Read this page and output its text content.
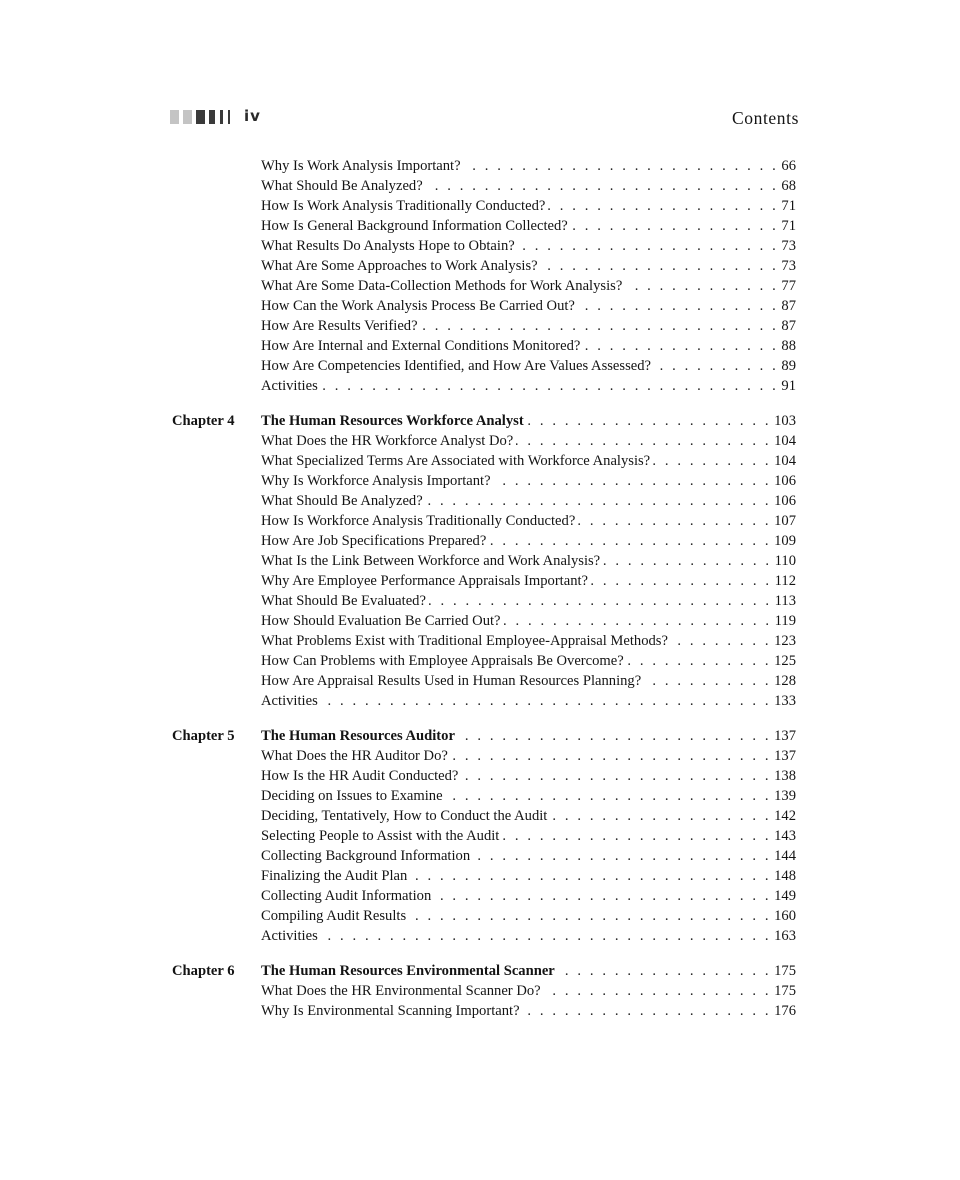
iv	Contents
Why Is Work Analysis Important? . . .	66
What Should Be Analyzed? . . .	68
How Is Work Analysis Traditionally Conducted? . . .	71
How Is General Background Information Collected? . . .	71
What Results Do Analysts Hope to Obtain? . . .	73
What Are Some Approaches to Work Analysis? . . .	73
What Are Some Data-Collection Methods for Work Analysis? . . .	77
How Can the Work Analysis Process Be Carried Out? . . .	87
How Are Results Verified? . . .	87
How Are Internal and External Conditions Monitored? . . .	88
How Are Competencies Identified, and How Are Values Assessed? . . .	89
Activities . . .	91
Chapter 4	The Human Resources Workforce Analyst . . .	103
What Does the HR Workforce Analyst Do? . . .	104
What Specialized Terms Are Associated with Workforce Analysis? . . .	104
Why Is Workforce Analysis Important? . . .	106
What Should Be Analyzed? . . .	106
How Is Workforce Analysis Traditionally Conducted? . . .	107
How Are Job Specifications Prepared? . . .	109
What Is the Link Between Workforce and Work Analysis? . . .	110
Why Are Employee Performance Appraisals Important? . . .	112
What Should Be Evaluated? . . .	113
How Should Evaluation Be Carried Out? . . .	119
What Problems Exist with Traditional Employee-Appraisal Methods? . . .	123
How Can Problems with Employee Appraisals Be Overcome? . . .	125
How Are Appraisal Results Used in Human Resources Planning? . . .	128
Activities . . .	133
Chapter 5	The Human Resources Auditor . . .	137
What Does the HR Auditor Do? . . .	137
How Is the HR Audit Conducted? . . .	138
Deciding on Issues to Examine . . .	139
Deciding, Tentatively, How to Conduct the Audit . . .	142
Selecting People to Assist with the Audit . . .	143
Collecting Background Information . . .	144
Finalizing the Audit Plan . . .	148
Collecting Audit Information . . .	149
Compiling Audit Results . . .	160
Activities . . .	163
Chapter 6	The Human Resources Environmental Scanner . . .	175
What Does the HR Environmental Scanner Do? . . .	175
Why Is Environmental Scanning Important? . . .	176
